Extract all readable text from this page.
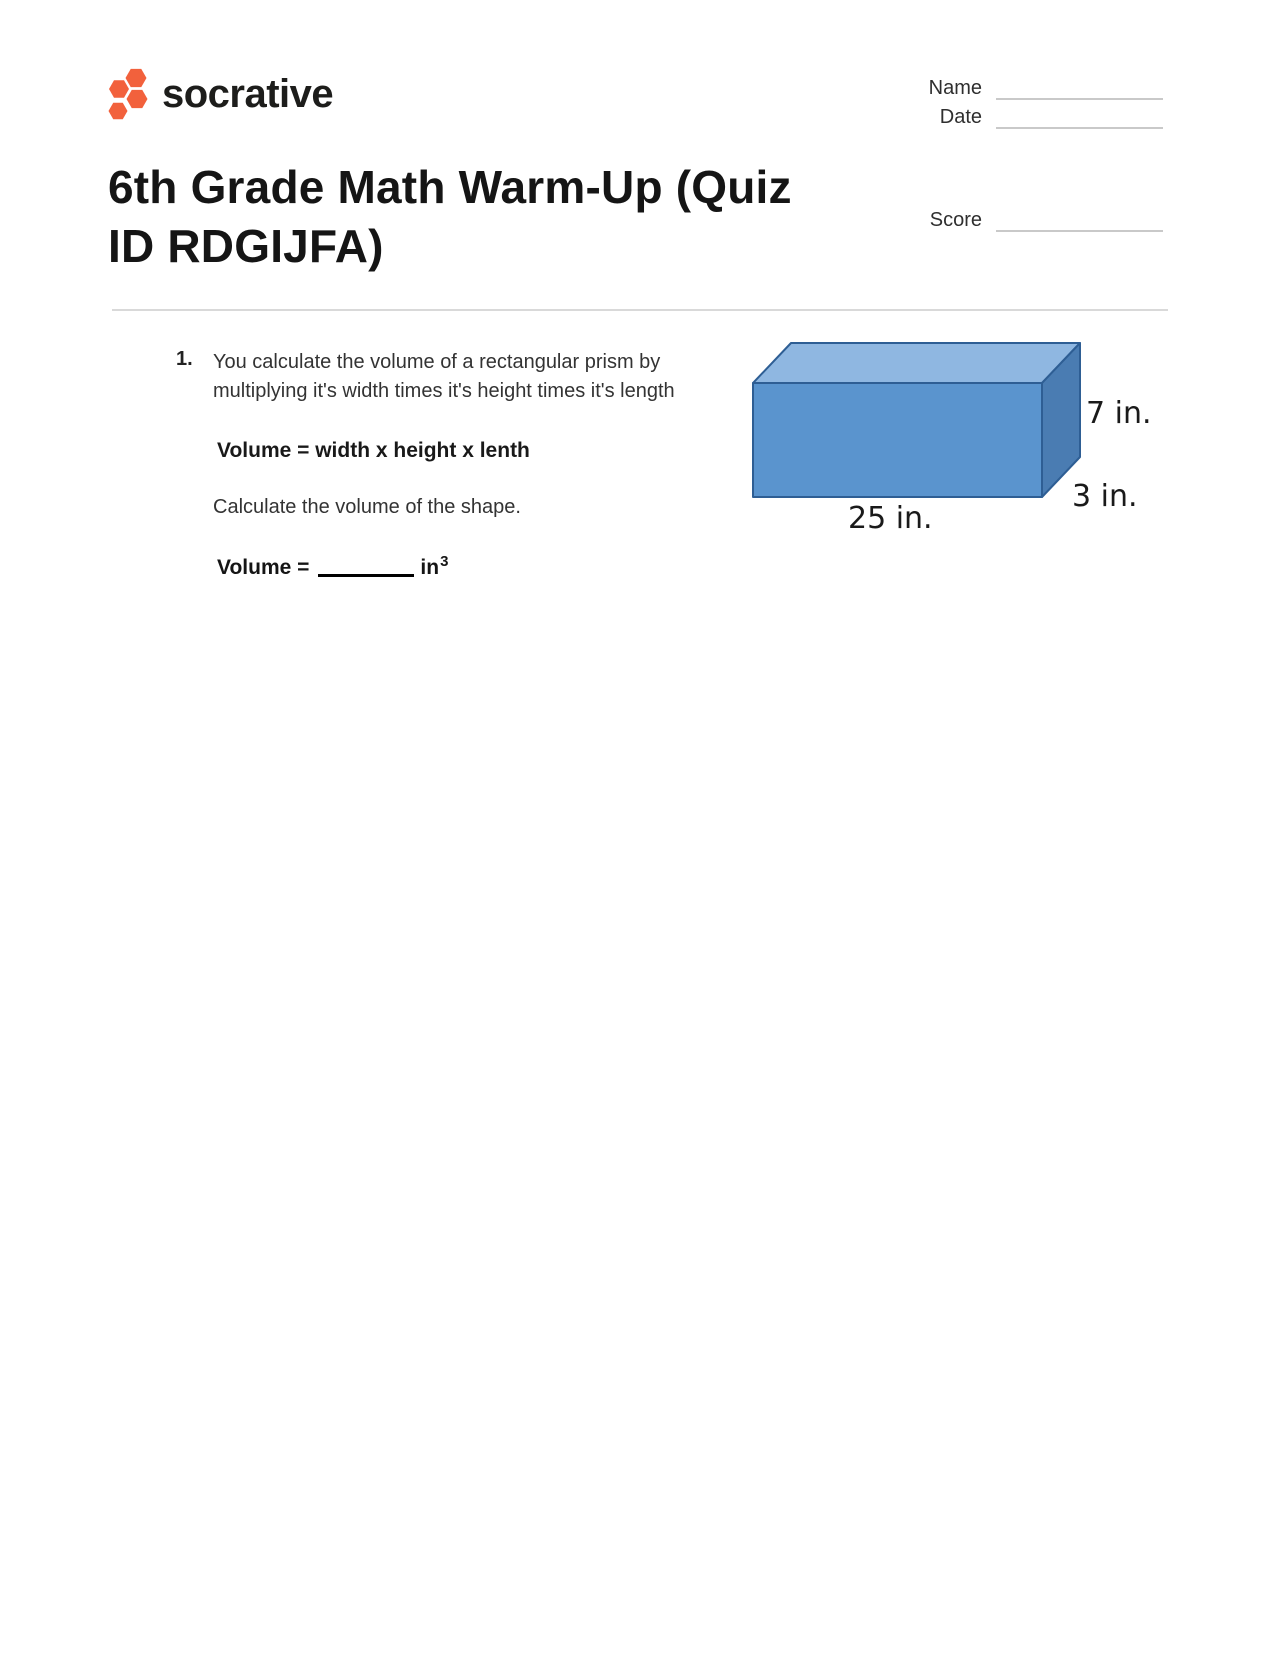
socrative	Name
Date
Score
6th Grade Math Warm-Up (Quiz
ID RDGIJFA)
1. You calculate the volume of a rectangular prism by
multiplying it's width times it's height times it's length
Volume = width x height x lenth
Calculate the volume of the shape.
Volume =	in 3
7 in.
3 in.
25 in.
